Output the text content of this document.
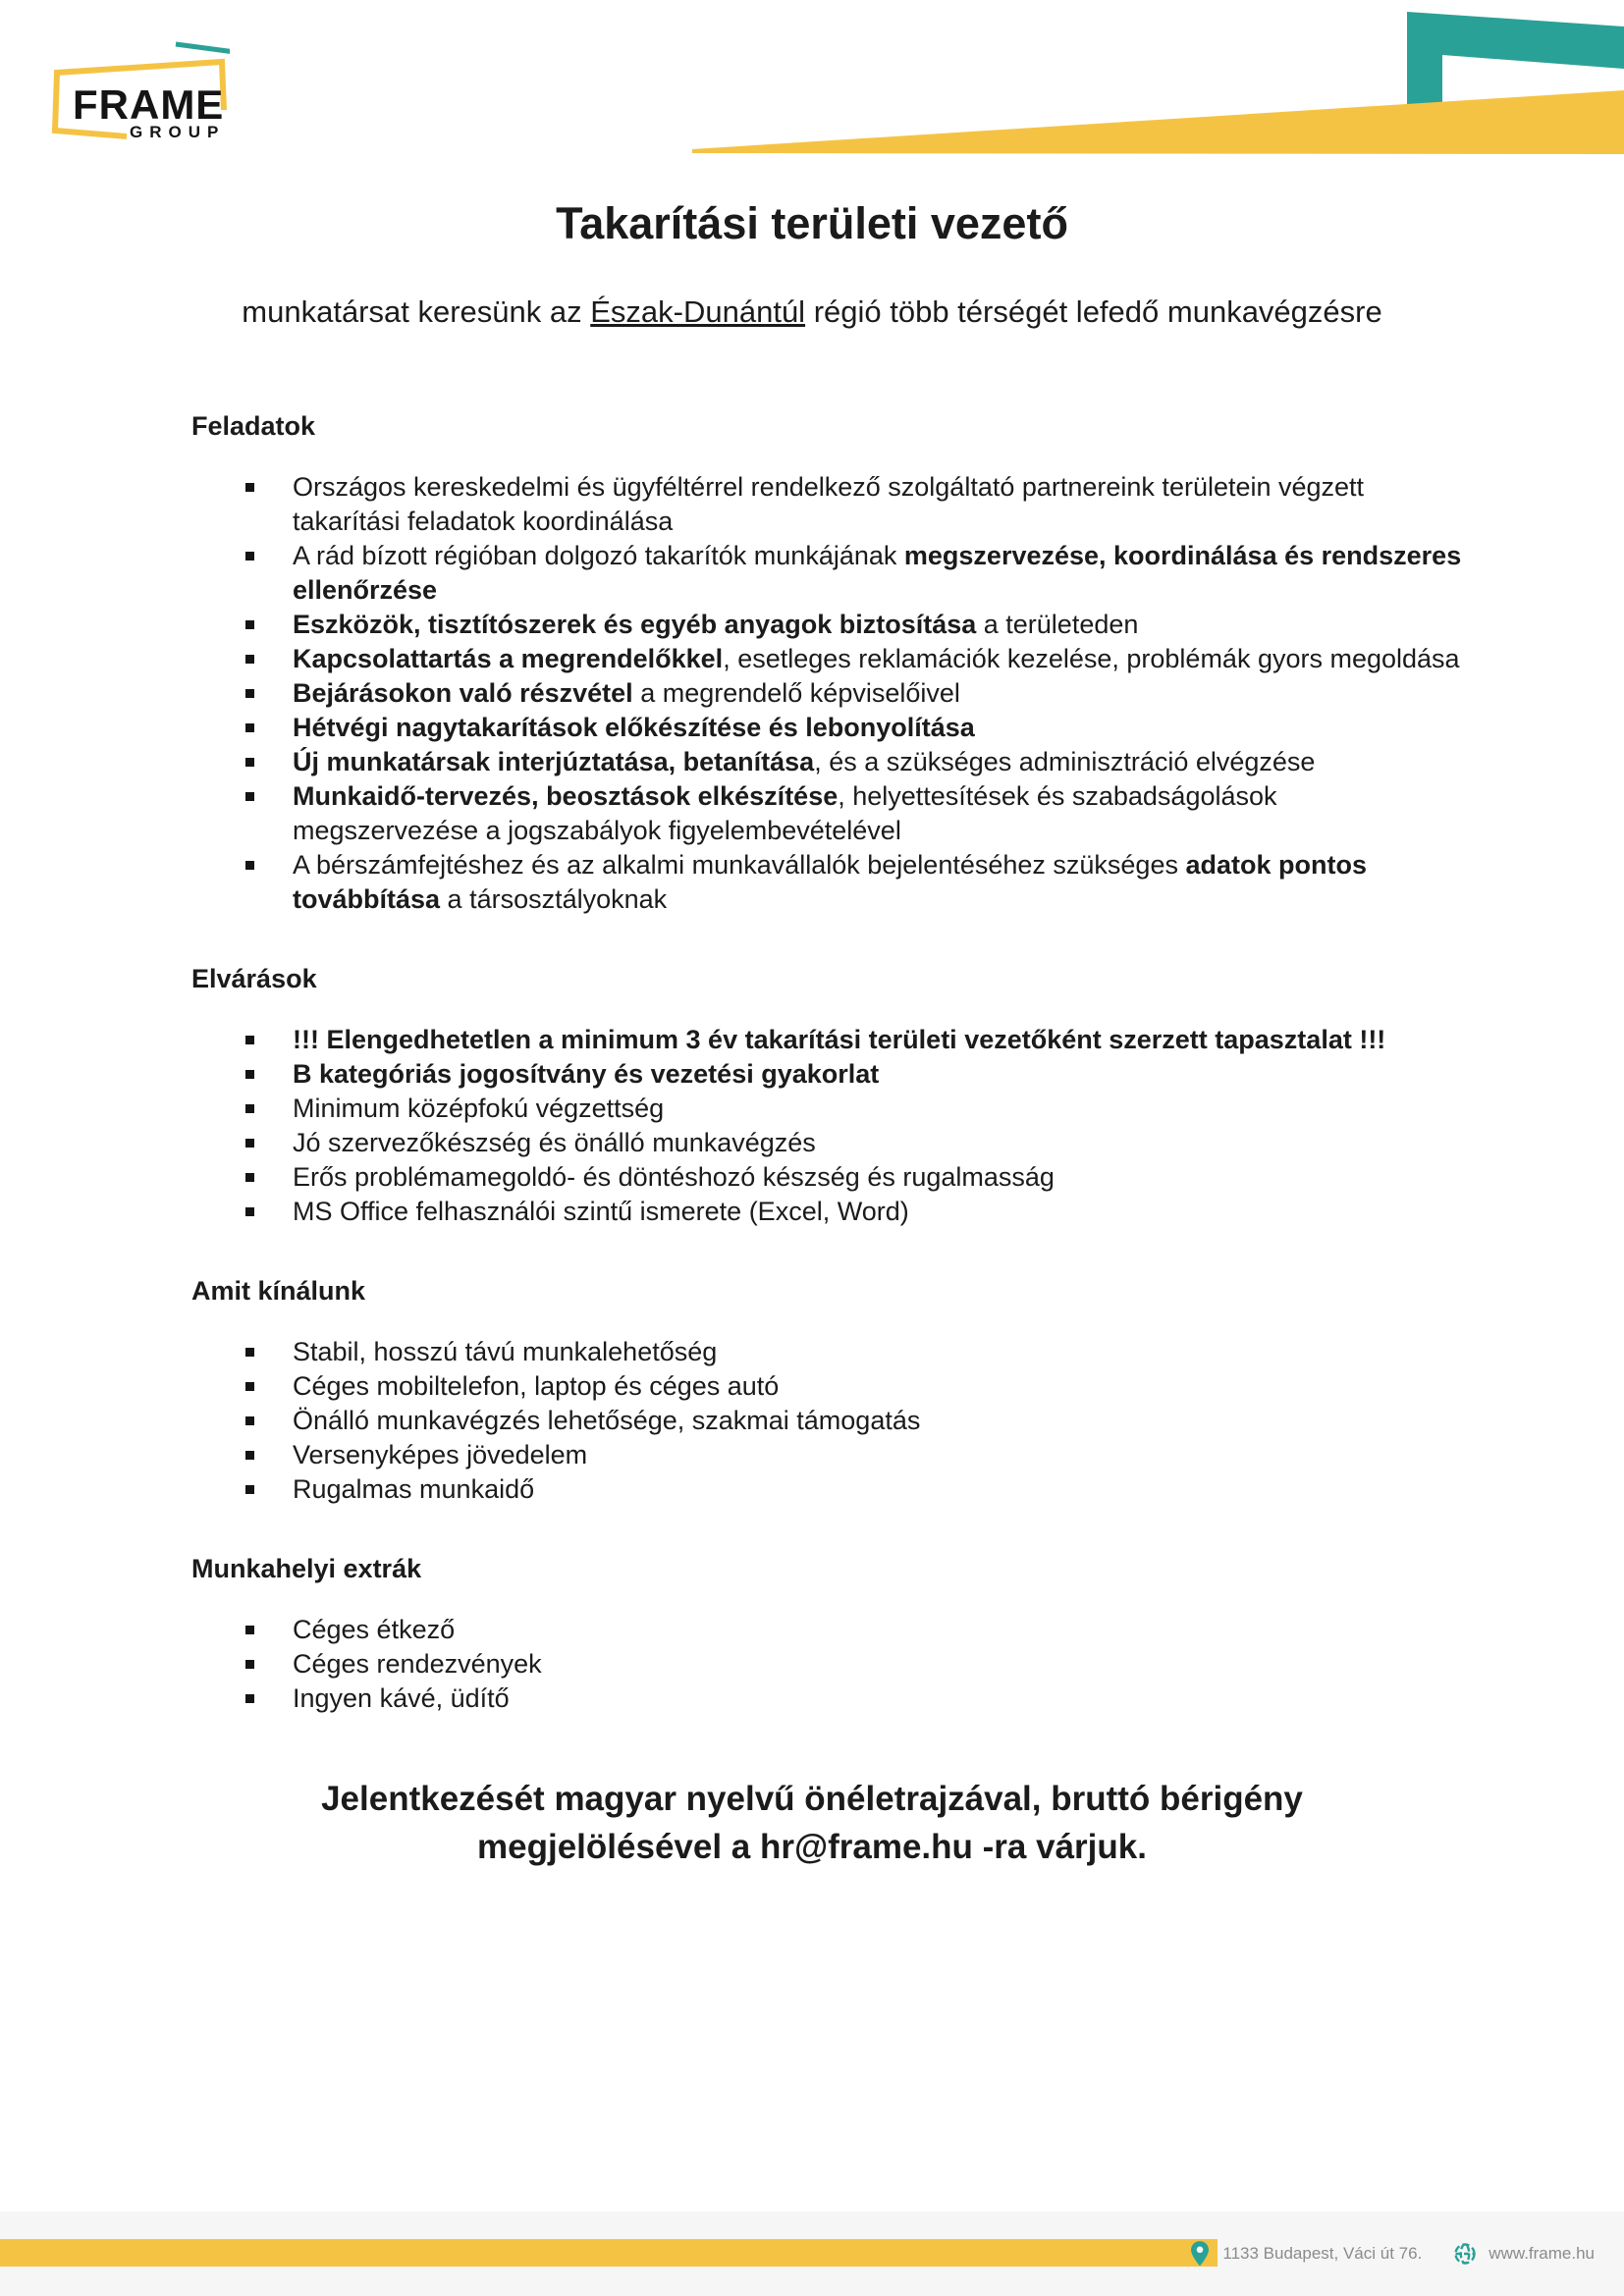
FRAME
GROUP
Takarítási területi vezető

munkatársat keresünk az Észak-Dunántúl régió több térségét lefedő munkavégzésre

Feladatok
Országos kereskedelmi és ügyféltérrel rendelkező szolgáltató partnereink területein végzett takarítási feladatok koordinálása
A rád bízott régióban dolgozó takarítók munkájának megszervezése, koordinálása és rendszeres ellenőrzése
Eszközök, tisztítószerek és egyéb anyagok biztosítása a területeden
Kapcsolattartás a megrendelőkkel, esetleges reklamációk kezelése, problémák gyors megoldása
Bejárásokon való részvétel a megrendelő képviselőivel
Hétvégi nagytakarítások előkészítése és lebonyolítása
Új munkatársak interjúztatása, betanítása, és a szükséges adminisztráció elvégzése
Munkaidő-tervezés, beosztások elkészítése, helyettesítések és szabadságolások megszervezése a jogszabályok figyelembevételével
A bérszámfejtéshez és az alkalmi munkavállalók bejelentéséhez szükséges adatok pontos továbbítása a társosztályoknak
Elvárások
!!! Elengedhetetlen a minimum 3 év takarítási területi vezetőként szerzett tapasztalat !!!
B kategóriás jogosítvány és vezetési gyakorlat
Minimum középfokú végzettség
Jó szervezőkészség és önálló munkavégzés
Erős problémamegoldó- és döntéshozó készség és rugalmasság
MS Office felhasználói szintű ismerete (Excel, Word)
Amit kínálunk
Stabil, hosszú távú munkalehetőség
Céges mobiltelefon, laptop és céges autó
Önálló munkavégzés lehetősége, szakmai támogatás
Versenyképes jövedelem
Rugalmas munkaidő
Munkahelyi extrák
Céges étkező
Céges rendezvények
Ingyen kávé, üdítő

Jelentkezését magyar nyelvű önéletrajzával, bruttó bérigény
megjelölésével a hr@frame.hu -ra várjuk.

1133 Budapest, Váci út 76.	www.frame.hu
